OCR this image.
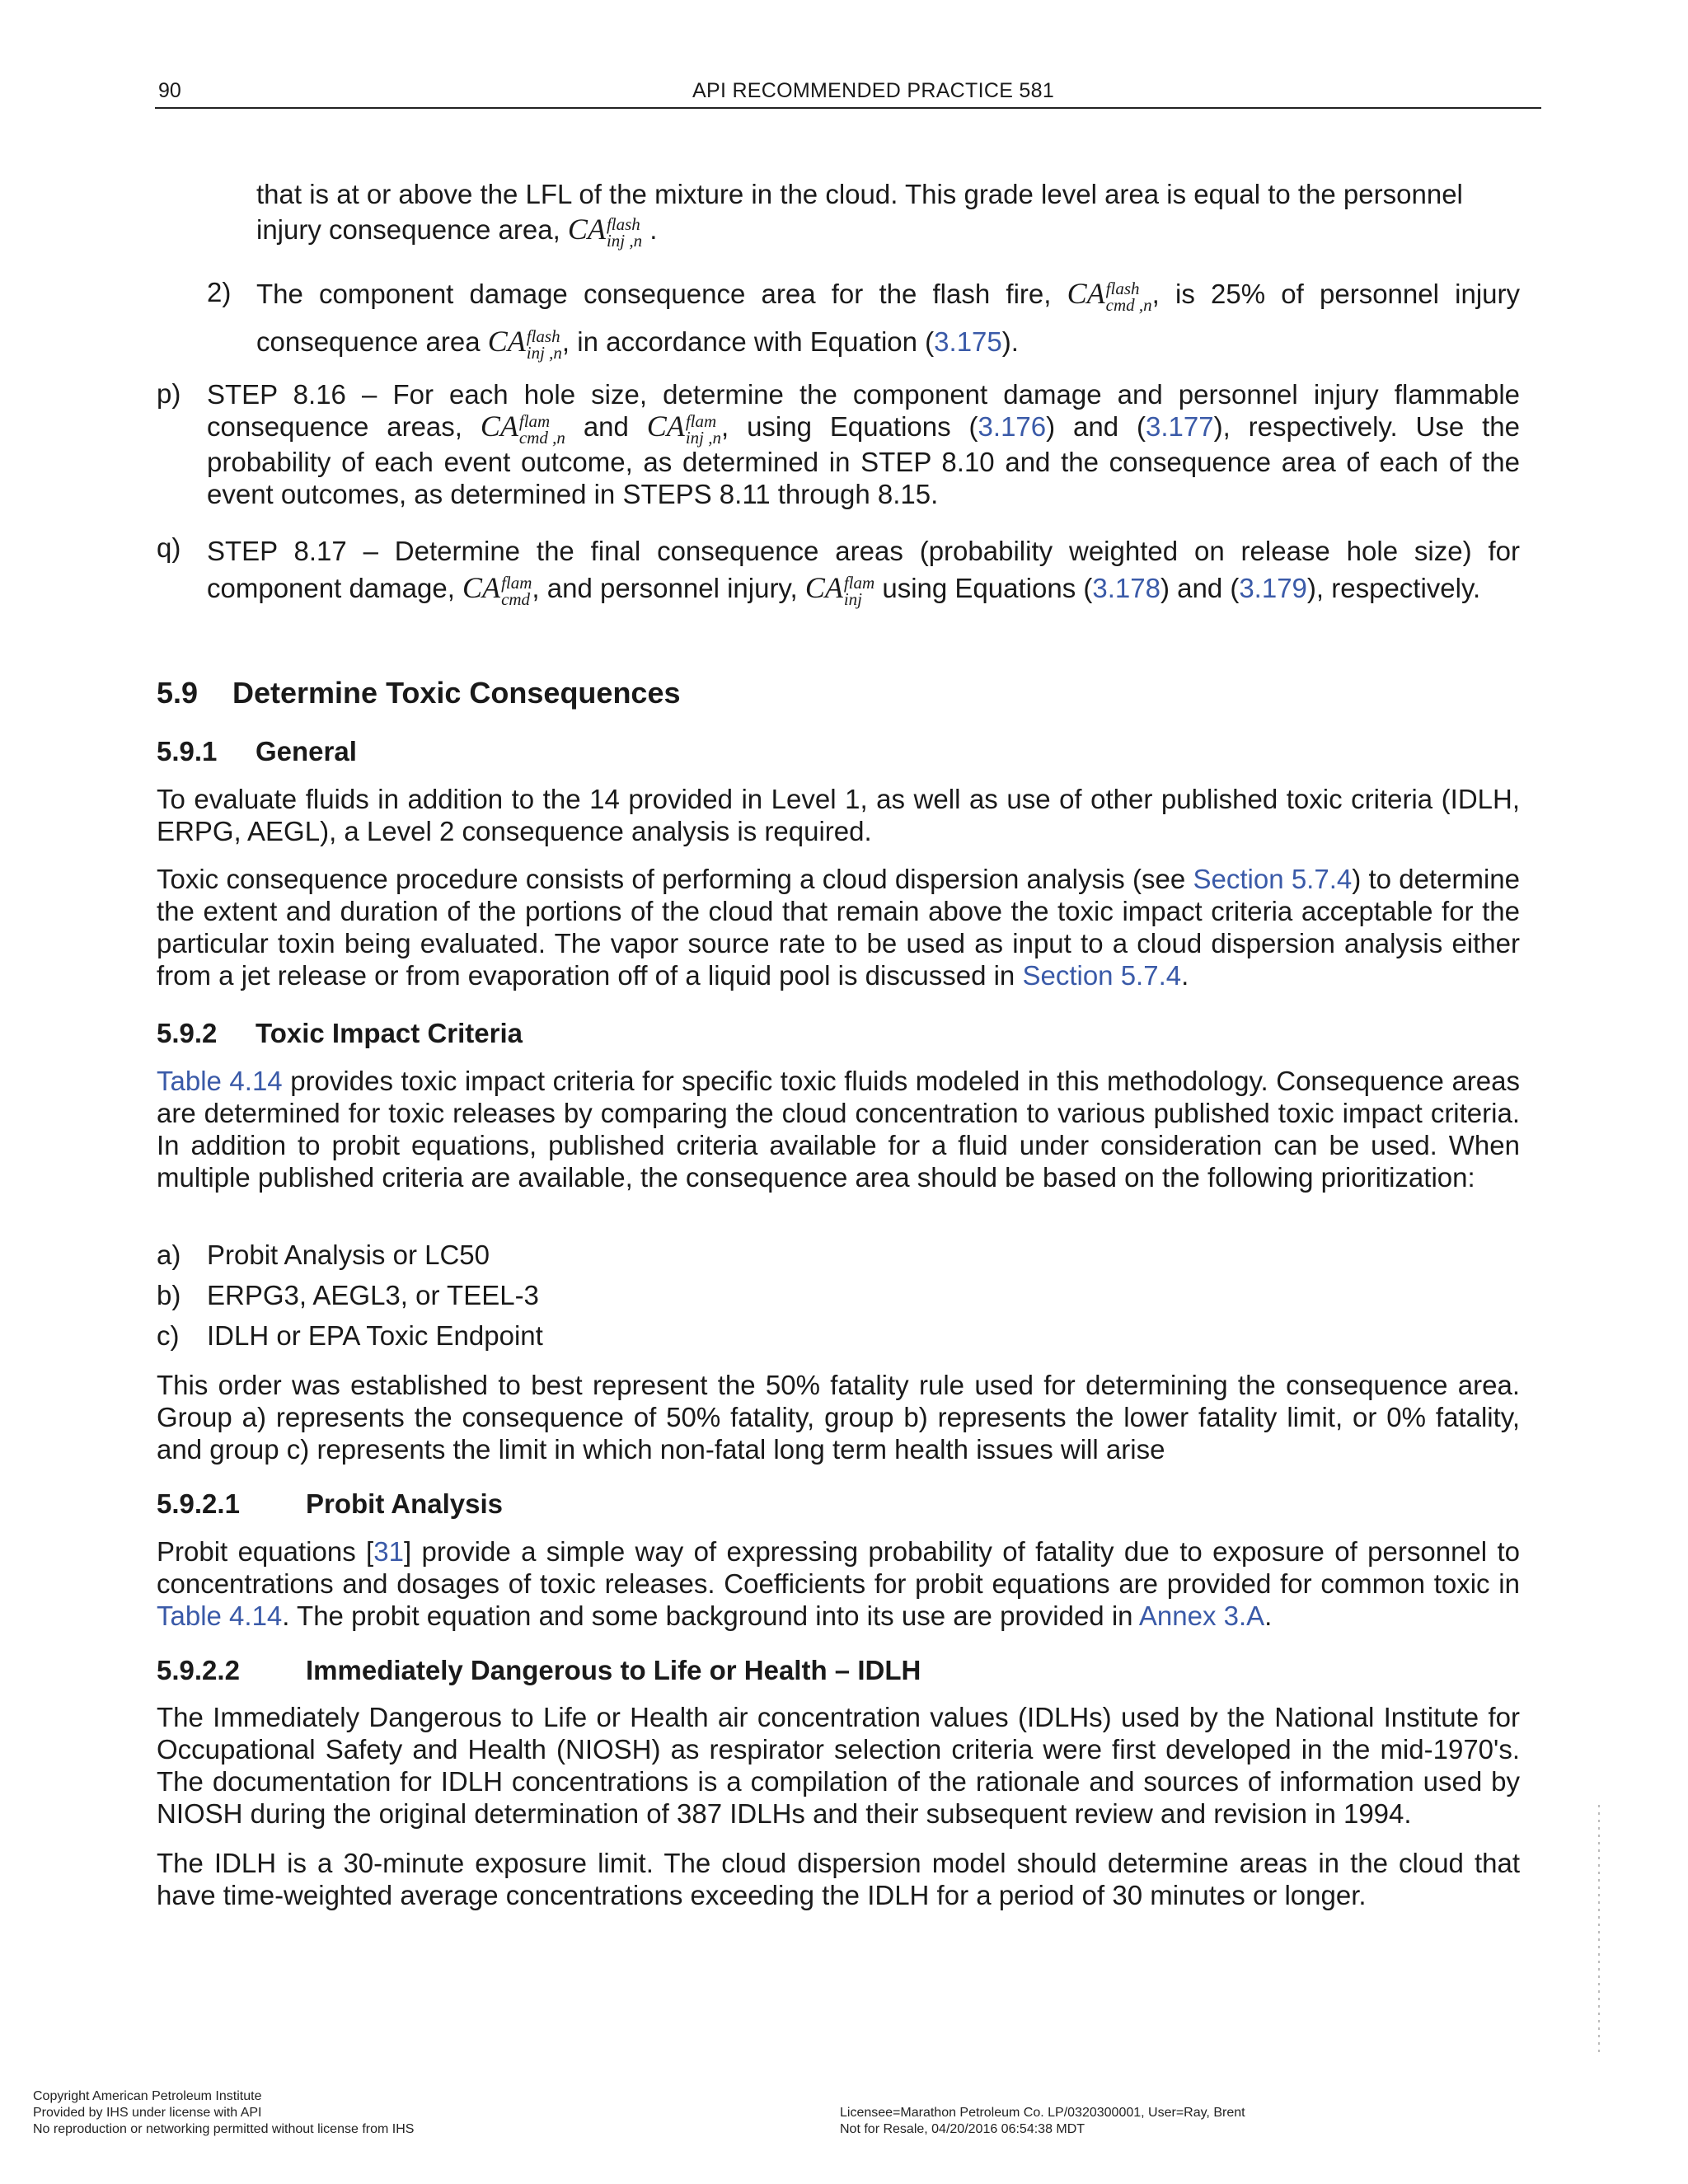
90	API RECOMMENDED PRACTICE 581
that is at or above the LFL of the mixture in the cloud. This grade level area is equal to the personnel
injury consequence area, CA flash
inj ,n .
2) The component damage consequence area for the flash fire, CA flash
cmd ,n , is 25% of personnel injury consequence area CA flash
inj ,n , in accordance with Equation (3.175).
p) STEP 8.16 – For each hole size, determine the component damage and personnel injury flammable consequence areas, CA flam
cmd ,n and CA flam
inj ,n , using Equations (3.176) and (3.177), respectively. Use the probability of each event outcome, as determined in STEP 8.10 and the consequence area of each of the event outcomes, as determined in STEPS 8.11 through 8.15.
q) STEP 8.17 – Determine the final consequence areas (probability weighted on release hole size) for component damage, CA flam
cmd , and personnel injury, CA flam
inj using Equations (3.178) and (3.179), respectively.
5.9 Determine Toxic Consequences
5.9.1 General
To evaluate fluids in addition to the 14 provided in Level 1, as well as use of other published toxic criteria (IDLH, ERPG, AEGL), a Level 2 consequence analysis is required.
Toxic consequence procedure consists of performing a cloud dispersion analysis (see Section 5.7.4) to determine the extent and duration of the portions of the cloud that remain above the toxic impact criteria acceptable for the particular toxin being evaluated. The vapor source rate to be used as input to a cloud dispersion analysis either from a jet release or from evaporation off of a liquid pool is discussed in Section 5.7.4.
5.9.2 Toxic Impact Criteria
Table 4.14 provides toxic impact criteria for specific toxic fluids modeled in this methodology. Consequence areas are determined for toxic releases by comparing the cloud concentration to various published toxic impact criteria. In addition to probit equations, published criteria available for a fluid under consideration can be used. When multiple published criteria are available, the consequence area should be based on the following prioritization:
a) Probit Analysis or LC50
b) ERPG3, AEGL3, or TEEL-3
c) IDLH or EPA Toxic Endpoint
This order was established to best represent the 50% fatality rule used for determining the consequence area. Group a) represents the consequence of 50% fatality, group b) represents the lower fatality limit, or 0% fatality, and group c) represents the limit in which non-fatal long term health issues will arise
5.9.2.1 Probit Analysis
Probit equations [31] provide a simple way of expressing probability of fatality due to exposure of personnel to concentrations and dosages of toxic releases. Coefficients for probit equations are provided for common toxic in Table 4.14. The probit equation and some background into its use are provided in Annex 3.A.
5.9.2.2 Immediately Dangerous to Life or Health – IDLH
The Immediately Dangerous to Life or Health air concentration values (IDLHs) used by the National Institute for Occupational Safety and Health (NIOSH) as respirator selection criteria were first developed in the mid-1970's. The documentation for IDLH concentrations is a compilation of the rationale and sources of information used by NIOSH during the original determination of 387 IDLHs and their subsequent review and revision in 1994.
The IDLH is a 30-minute exposure limit. The cloud dispersion model should determine areas in the cloud that have time-weighted average concentrations exceeding the IDLH for a period of 30 minutes or longer.
Copyright American Petroleum Institute
Provided by IHS under license with API
No reproduction or networking permitted without license from IHS
Licensee=Marathon Petroleum Co. LP/0320300001, User=Ray, Brent
Not for Resale, 04/20/2016 06:54:38 MDT
